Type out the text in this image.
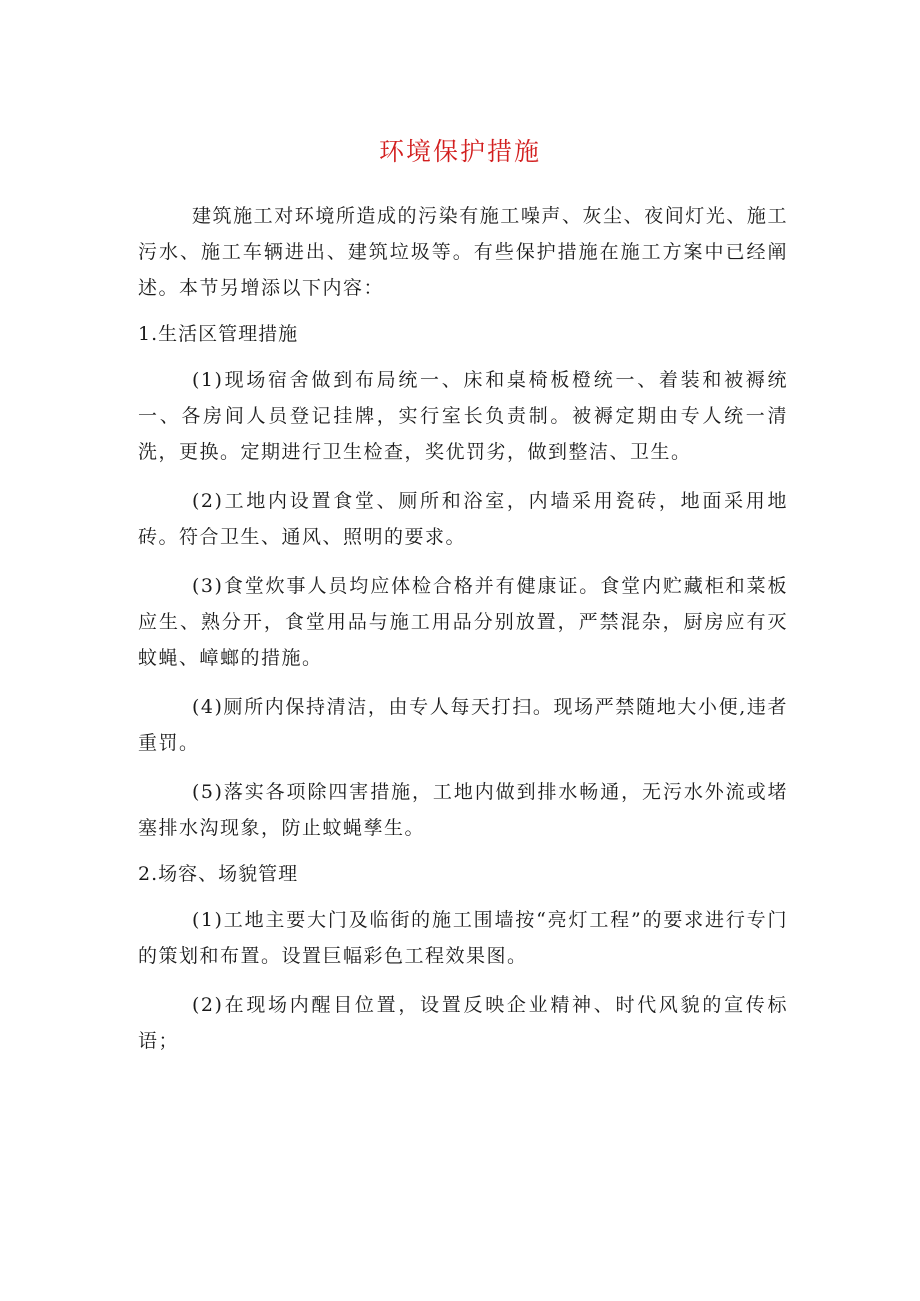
环境保护措施

建筑施工对环境所造成的污染有施工噪声、灰尘、夜间灯光、施工污水、施工车辆进出、建筑垃圾等。有些保护措施在施工方案中已经阐述。本节另增添以下内容：

1.生活区管理措施

(1)现场宿舍做到布局统一、床和桌椅板橙统一、着装和被褥统一、各房间人员登记挂牌，实行室长负责制。被褥定期由专人统一清洗，更换。定期进行卫生检查，奖优罚劣，做到整洁、卫生。

(2)工地内设置食堂、厕所和浴室，内墙采用瓷砖，地面采用地砖。符合卫生、通风、照明的要求。

(3)食堂炊事人员均应体检合格并有健康证。食堂内贮藏柜和菜板应生、熟分开，食堂用品与施工用品分别放置，严禁混杂，厨房应有灭蚊蝇、嶂螂的措施。

(4)厕所内保持清洁，由专人每天打扫。现场严禁随地大小便,违者重罚。

(5)落实各项除四害措施，工地内做到排水畅通，无污水外流或堵塞排水沟现象，防止蚊蝇孳生。

2.场容、场貌管理

(1)工地主要大门及临街的施工围墙按“亮灯工程”的要求进行专门的策划和布置。设置巨幅彩色工程效果图。

(2)在现场内醒目位置，设置反映企业精神、时代风貌的宣传标语；
